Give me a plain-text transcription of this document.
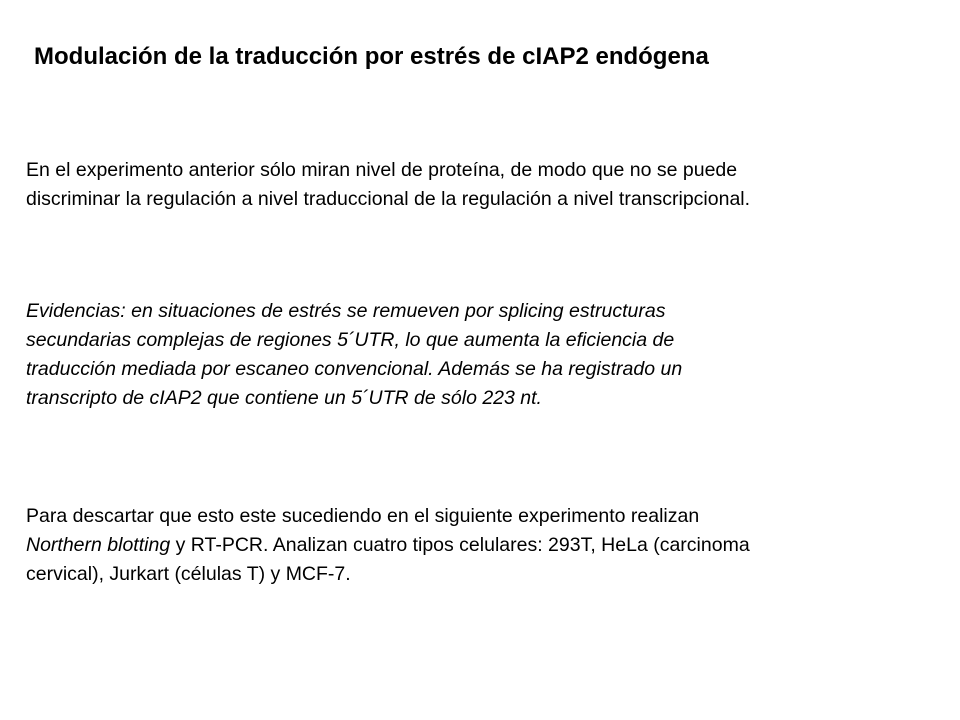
Modulación de la traducción por estrés de cIAP2 endógena

En el experimento anterior sólo miran nivel de proteína, de modo que no se puede
discriminar la regulación a nivel traduccional de la regulación a nivel transcripcional.

Evidencias: en situaciones de estrés se remueven por splicing estructuras
secundarias complejas de regiones 5´UTR, lo que aumenta la eficiencia de
traducción mediada por escaneo convencional. Además se ha registrado un
transcripto de cIAP2 que contiene un 5´UTR de sólo 223 nt.

Para descartar que esto este sucediendo en el siguiente experimento realizan
Northern blotting y RT-PCR. Analizan cuatro tipos celulares: 293T, HeLa (carcinoma
cervical), Jurkart (células T) y MCF-7.
